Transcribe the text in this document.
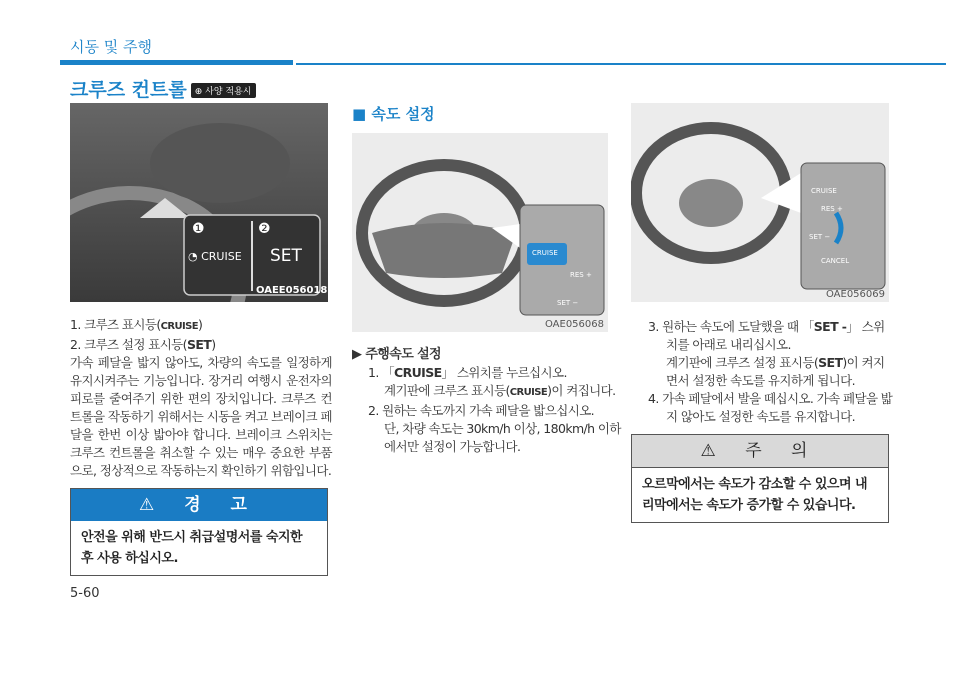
시동 및 주행
크루즈 컨트롤 ⊕ 사양 적용시
❶	❷
◔ CRUISE SET
OAEE056018
1. 크루즈 표시등(CRUISE)
2. 크루즈 설정 표시등(SET)
가속 페달을 밟지 않아도, 차량의 속도를 일정하게 유지시켜주는 기능입니다. 장거리 여행시 운전자의 피로를 줄여주기 위한 편의 장치입니다. 크루즈 컨트롤을 작동하기 위해서는 시동을 켜고 브레이크 페달을 한번 이상 밟아야 합니다. 브레이크 스위치는 크루즈 컨트롤을 취소할 수 있는 매우 중요한 부품으로, 정상적으로 작동하는지 확인하기 위함입니다.
⚠ 경 고
안전을 위해 반드시 취급설명서를 숙지한 후 사용 하십시오.
5-60
■ 속도 설정
CRUISE
RES +
SET −
OAE056068
▶ 주행속도 설정
1. 「CRUISE」 스위치를 누르십시오.
계기판에 크루즈 표시등(CRUISE)이 켜집니다.
2. 원하는 속도까지 가속 페달을 밟으십시오.
단, 차량 속도는 30km/h 이상, 180km/h 이하에서만 설정이 가능합니다.
CRUISE
RES +
SET −
CANCEL
OAE056069
3. 원하는 속도에 도달했을 때 「SET -」 스위치를 아래로 내리십시오.
계기판에 크루즈 설정 표시등(SET)이 켜지면서 설정한 속도를 유지하게 됩니다.
4. 가속 페달에서 발을 떼십시오. 가속 페달을 밟지 않아도 설정한 속도를 유지합니다.
⚠ 주 의
오르막에서는 속도가 감소할 수 있으며 내리막에서는 속도가 증가할 수 있습니다.
